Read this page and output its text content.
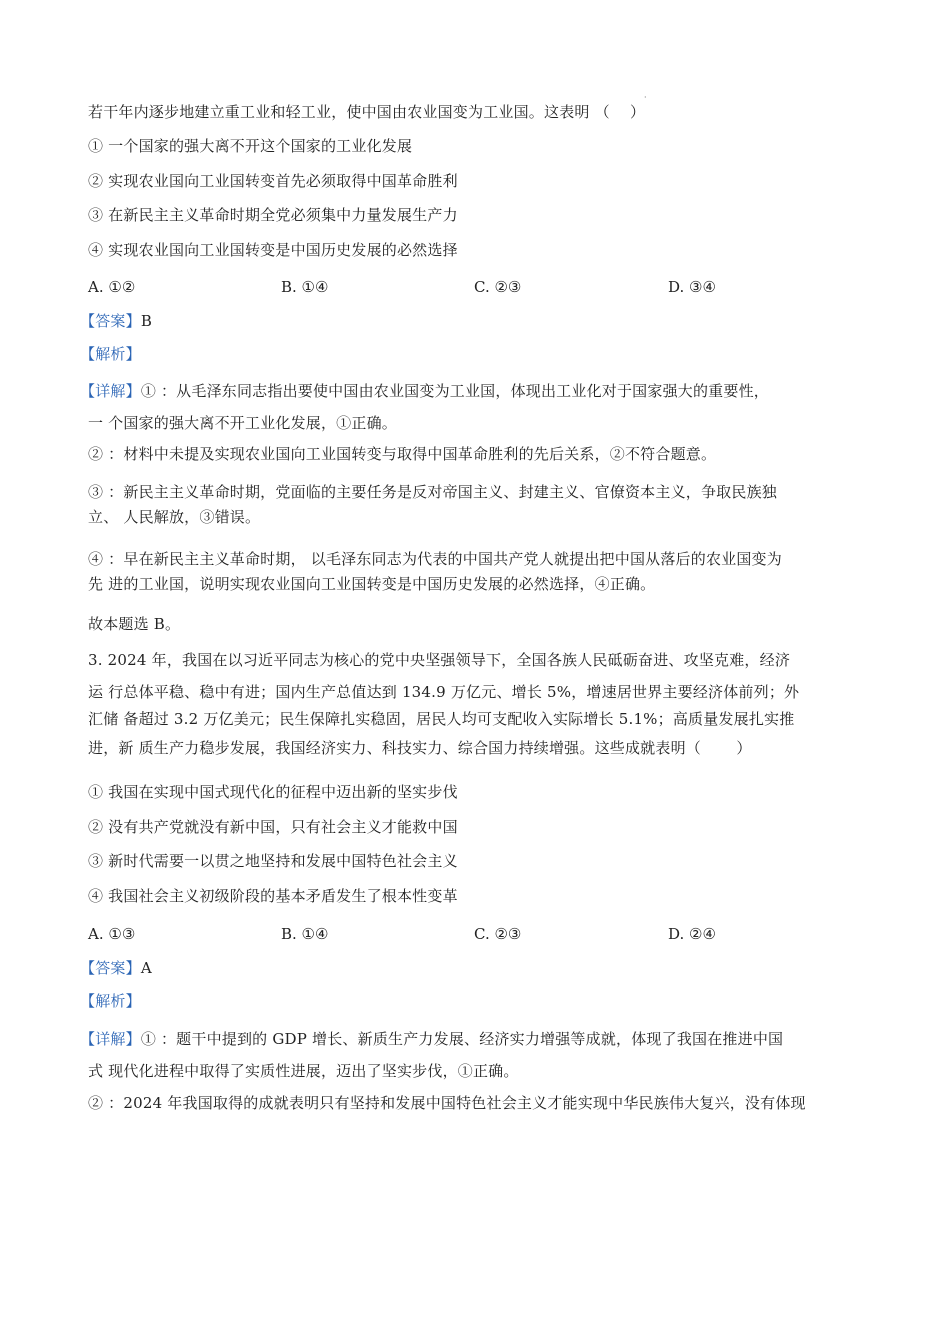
·
若干年内逐步地建立重工业和轻工业，使中国由农业国变为工业国。这表明 （　 ）
① 一个国家的强大离不开这个国家的工业化发展
② 实现农业国向工业国转变首先必须取得中国革命胜利
③ 在新民主主义革命时期全党必须集中力量发展生产力
④ 实现农业国向工业国转变是中国历史发展的必然选择
A. ①②	B. ①④	C. ②③	D. ③④
【答案】B
【解析】
【详解】① ：从毛泽东同志指出要使中国由农业国变为工业国，体现出工业化对于国家强大的重要性，
一 个国家的强大离不开工业化发展，①正确。
② ：材料中未提及实现农业国向工业国转变与取得中国革命胜利的先后关系，②不符合题意。
③ ：新民主主义革命时期，党面临的主要任务是反对帝国主义、封建主义、官僚资本主义，争取民族独
立、 人民解放，③错误。
④ ：早在新民主主义革命时期， 以毛泽东同志为代表的中国共产党人就提出把中国从落后的农业国变为
先 进的工业国，说明实现农业国向工业国转变是中国历史发展的必然选择，④正确。
故本题选 B。
3. 2024 年，我国在以习近平同志为核心的党中央坚强领导下，全国各族人民砥砺奋进、攻坚克难，经济
运 行总体平稳、稳中有进；国内生产总值达到 134.9 万亿元、增长 5%，增速居世界主要经济体前列；外
汇储 备超过 3.2 万亿美元；民生保障扎实稳固，居民人均可支配收入实际增长 5.1%；高质量发展扎实推
进，新 质生产力稳步发展，我国经济实力、科技实力、综合国力持续增强。这些成就表明（　　 ）
① 我国在实现中国式现代化的征程中迈出新的坚实步伐
② 没有共产党就没有新中国，只有社会主义才能救中国
③ 新时代需要一以贯之地坚持和发展中国特色社会主义
④ 我国社会主义初级阶段的基本矛盾发生了根本性变革
A. ①③	B. ①④	C. ②③	D. ②④
【答案】A
【解析】
【详解】① ：题干中提到的 GDP 增长、新质生产力发展、经济实力增强等成就，体现了我国在推进中国
式 现代化进程中取得了实质性进展，迈出了坚实步伐，①正确。
② ：2024 年我国取得的成就表明只有坚持和发展中国特色社会主义才能实现中华民族伟大复兴，没有体现
